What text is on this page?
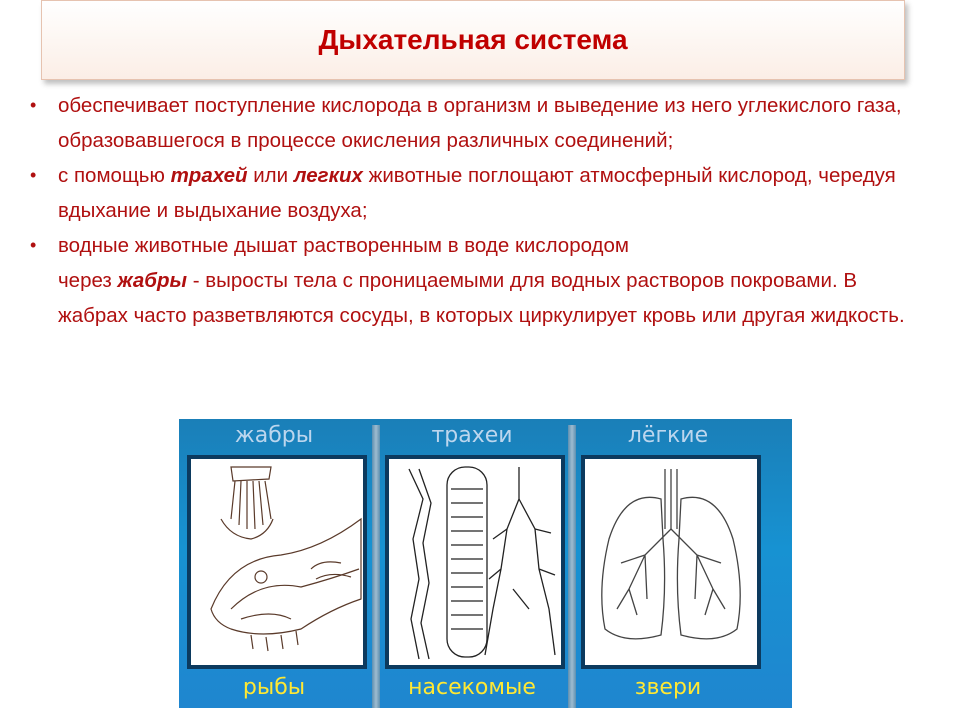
Дыхательная система
• обеспечивает поступление кислорода в организм и выведение из него углекислого газа, образовавшегося в процессе окисления различных соединений;
• с помощью трахей или легких животные поглощают атмосферный кислород, чередуя вдыхание и выдыхание воздуха;
• водные животные дышат растворенным в воде кислородом
через жабры - выросты тела с проницаемыми для водных растворов покровами. В жабрах часто разветвляются сосуды, в которых циркулирует кровь или другая жидкость.
жабры
рыбы
трахеи
насекомые
лёгкие
звери
